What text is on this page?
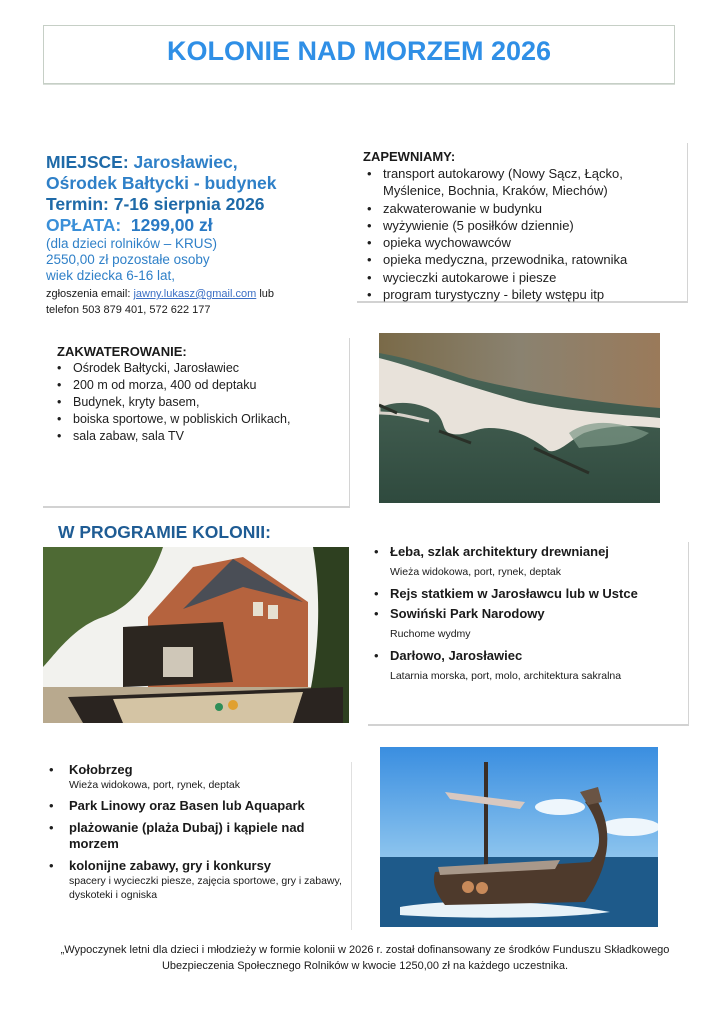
KOLONIE NAD MORZEM 2026
MIEJSCE: Jarosławiec,
Ośrodek Bałtycki - budynek
Termin: 7-16 sierpnia 2026
OPŁATA: 1299,00 zł
(dla dzieci rolników – KRUS)
2550,00 zł pozostałe osoby
wiek dziecka 6-16 lat,
zgłoszenia email: jawny.lukasz@gmail.com lub
telefon 503 879 401, 572 622 177
ZAPEWNIAMY:
• transport autokarowy (Nowy Sącz, Łącko, Myślenice, Bochnia, Kraków, Miechów)
• zakwaterowanie w budynku
• wyżywienie (5 posiłków dziennie)
• opieka wychowawców
• opieka medyczna, przewodnika, ratownika
• wycieczki autokarowe i piesze
• program turystyczny - bilety wstępu itp
ZAKWATEROWANIE:
• Ośrodek Bałtycki, Jarosławiec
• 200 m od morza, 400 od deptaku
• Budynek, kryty basem,
• boiska sportowe, w pobliskich Orlikach,
• sala zabaw, sala TV
W PROGRAMIE KOLONII:
• Łeba, szlak architektury drewnianej
Wieża widokowa, port, rynek, deptak
• Rejs statkiem w Jarosławcu lub w Ustce
• Sowiński Park Narodowy
Ruchome wydmy
• Darłowo, Jarosławiec
Latarnia morska, port, molo, architektura sakralna
• Kołobrzeg
Wieża widokowa, port, rynek, deptak
• Park Linowy oraz Basen lub Aquapark
• plażowanie (plaża Dubaj) i kąpiele nad morzem
• kolonijne zabawy, gry i konkursy
spacery i wycieczki piesze, zajęcia sportowe, gry i zabawy, dyskoteki i ogniska
„Wypoczynek letni dla dzieci i młodzieży w formie kolonii w 2026 r. został dofinansowany ze środków Funduszu Składkowego
Ubezpieczenia Społecznego Rolników w kwocie 1250,00 zł na każdego uczestnika.
